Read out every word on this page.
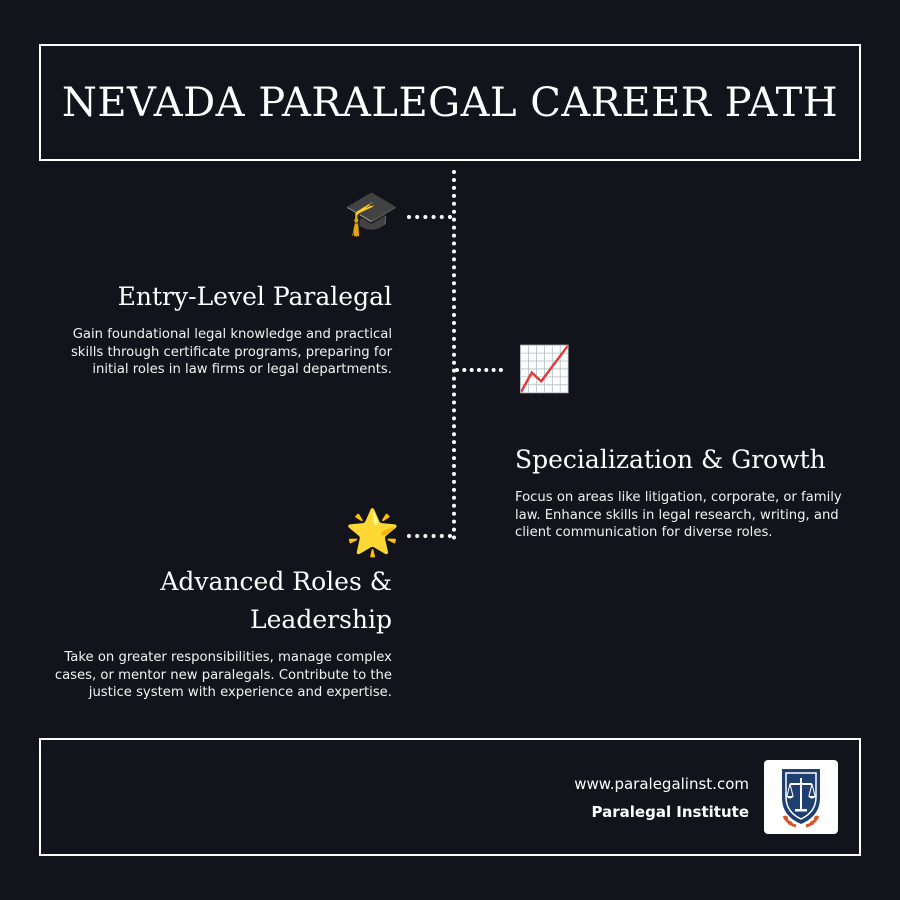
NEVADA PARALEGAL CAREER PATH
🎓
📈
🌟
Entry-Level Paralegal

Gain foundational legal knowledge and practical skills through certificate programs, preparing for initial roles in law firms or legal departments.

Specialization & Growth

Focus on areas like litigation, corporate, or family law. Enhance skills in legal research, writing, and client communication for diverse roles.

Advanced Roles & Leadership

Take on greater responsibilities, manage complex cases, or mentor new paralegals. Contribute to the justice system with experience and expertise.

www.paralegalinst.com
Paralegal Institute
